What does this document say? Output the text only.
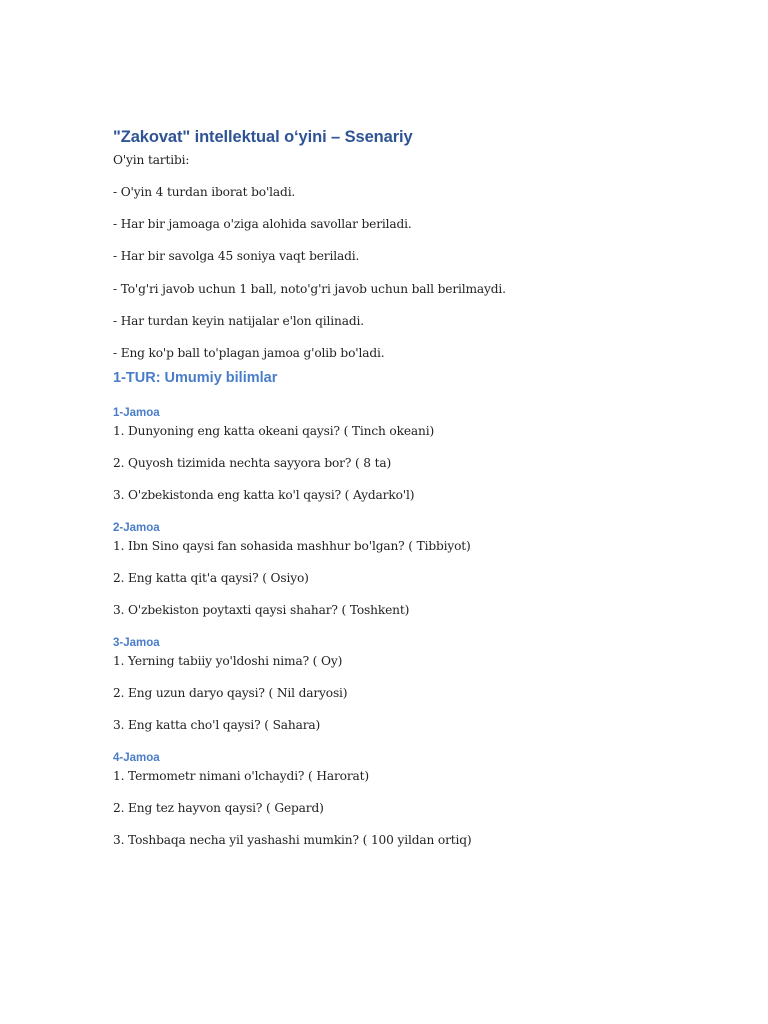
"Zakovat" intellektual o‘yini – Ssenariy

O'yin tartibi:

- O'yin 4 turdan iborat bo'ladi.

- Har bir jamoaga o'ziga alohida savollar beriladi.

- Har bir savolga 45 soniya vaqt beriladi.

- To'g'ri javob uchun 1 ball, noto'g'ri javob uchun ball berilmaydi.

- Har turdan keyin natijalar e'lon qilinadi.

- Eng ko'p ball to'plagan jamoa g'olib bo'ladi.

1-TUR: Umumiy bilimlar
1-Jamoa

1. Dunyoning eng katta okeani qaysi? ( Tinch okeani)

2. Quyosh tizimida nechta sayyora bor? ( 8 ta)

3. O'zbekistonda eng katta ko'l qaysi? ( Aydarko'l)

2-Jamoa

1. Ibn Sino qaysi fan sohasida mashhur bo'lgan? ( Tibbiyot)

2. Eng katta qit'a qaysi? ( Osiyo)

3. O'zbekiston poytaxti qaysi shahar? ( Toshkent)

3-Jamoa

1. Yerning tabiiy yo'ldoshi nima? ( Oy)

2. Eng uzun daryo qaysi? ( Nil daryosi)

3. Eng katta cho'l qaysi? ( Sahara)

4-Jamoa

1. Termometr nimani o'lchaydi? ( Harorat)

2. Eng tez hayvon qaysi? ( Gepard)

3. Toshbaqa necha yil yashashi mumkin? ( 100 yildan ortiq)
